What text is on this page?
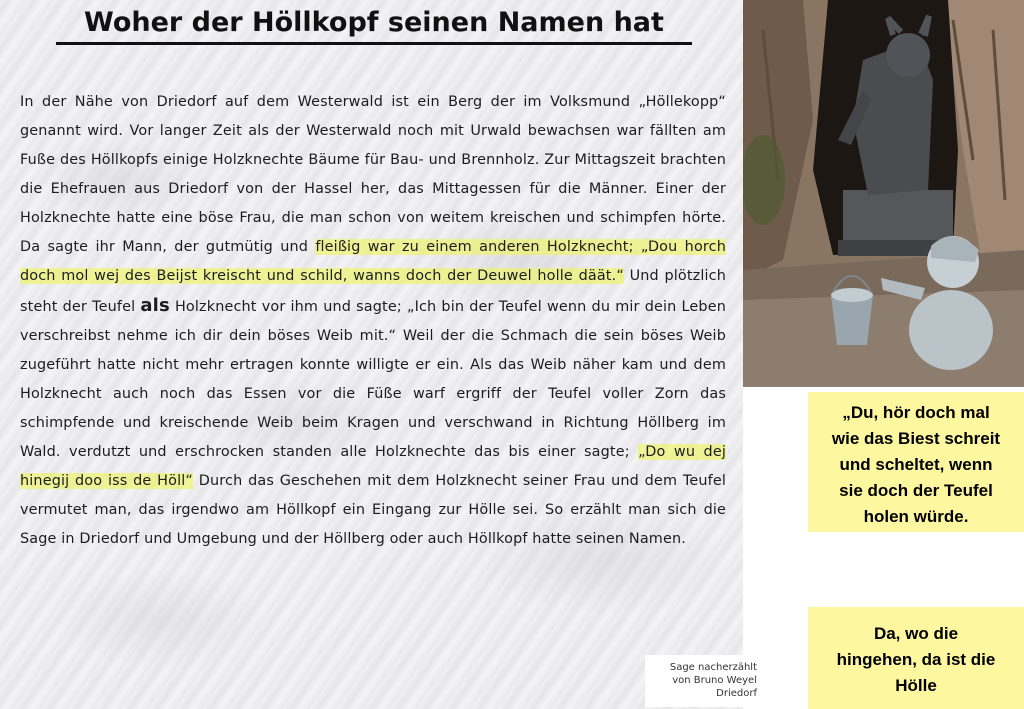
Woher der Höllkopf seinen Namen hat

In der Nähe von Driedorf auf dem Westerwald ist ein Berg der im Volksmund „Höllekopp“ genannt wird. Vor langer Zeit als der Westerwald noch mit Urwald bewachsen war fällten am Fuße des Höllkopfs einige Holzknechte Bäume für Bau- und Brennholz. Zur Mittagszeit brachten die Ehefrauen aus Driedorf von der Hassel her, das Mittagessen für die Männer. Einer der Holzknechte hatte eine böse Frau, die man schon von weitem kreischen und schimpfen hörte. Da sagte ihr Mann, der gutmütig und fleißig war zu einem anderen Holzknecht; „Dou horch doch mol wej des Beijst kreischt und schild, wanns doch der Deuwel holle däät.“ Und plötzlich steht der Teufel als Holzknecht vor ihm und sagte; „Ich bin der Teufel wenn du mir dein Leben verschreibst nehme ich dir dein böses Weib mit.“ Weil der die Schmach die sein böses Weib zugeführt hatte nicht mehr ertragen konnte willigte er ein. Als das Weib näher kam und dem Holzknecht auch noch das Essen vor die Füße warf ergriff der Teufel voller Zorn das schimpfende und kreischende Weib beim Kragen und verschwand in Richtung Höllberg im Wald. verdutzt und erschrocken standen alle Holzknechte das bis einer sagte; „Do wu dej hinegij doo iss de Höll“ Durch das Geschehen mit dem Holzknecht seiner Frau und dem Teufel vermutet man, das irgendwo am Höllkopf ein Eingang zur Hölle sei. So erzählt man sich die Sage in Driedorf und Umgebung und der Höllberg oder auch Höllkopf hatte seinen Namen.

Sage nacherzählt
von Bruno Weyel
Driedorf
„Du, hör doch mal
wie das Biest schreit
und scheltet, wenn
sie doch der Teufel
holen würde.
Da, wo die
hingehen, da ist die
Hölle
